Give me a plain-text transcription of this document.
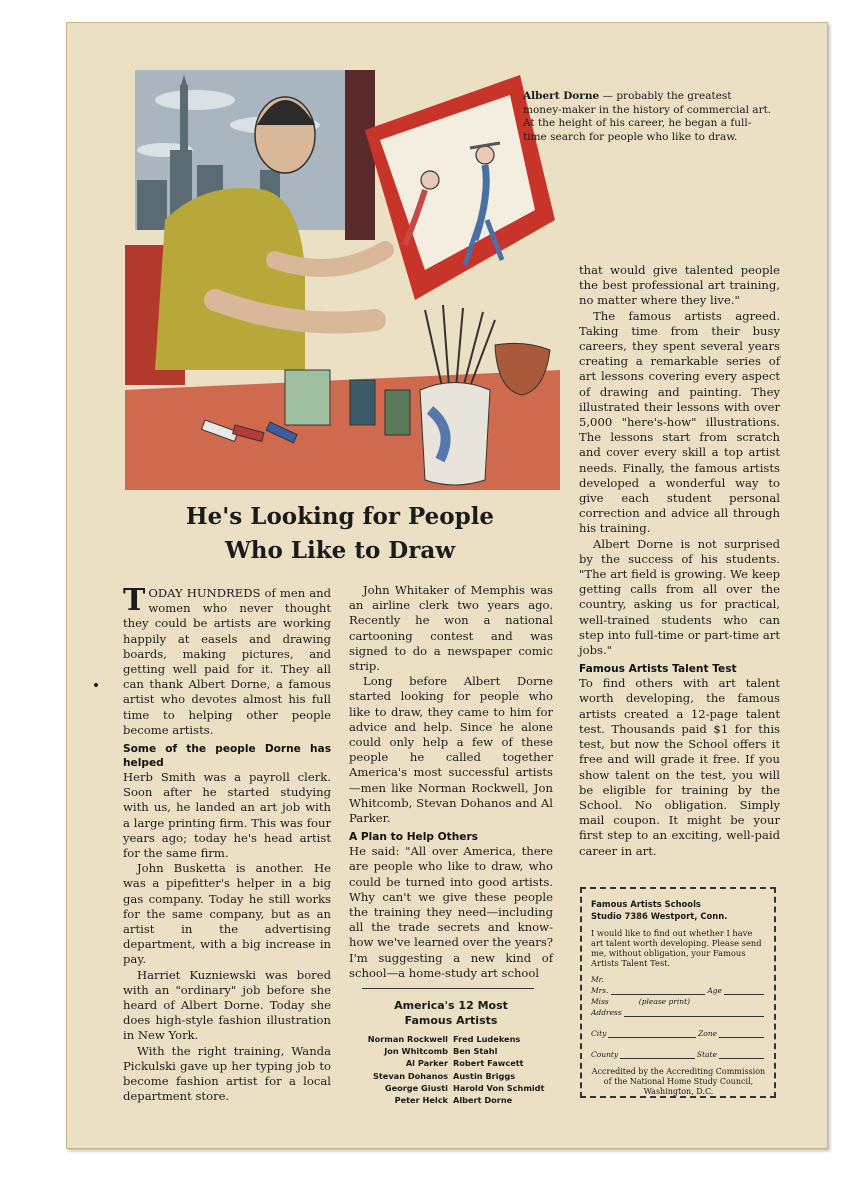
Albert Dorne — probably the greatest money-maker in the history of commercial art. At the height of his career, he began a full-time search for people who like to draw.
He's Looking for People
Who Like to Draw

TODAY HUNDREDS of men and women who never thought they could be artists are working happily at easels and drawing boards, making pictures, and getting well paid for it. They all can thank Albert Dorne, a famous artist who devotes almost his full time to helping other people become artists.

Some of the people Dorne has helped

Herb Smith was a payroll clerk. Soon after he started studying with us, he landed an art job with a large printing firm. This was four years ago; today he's head artist for the same firm.

John Busketta is another. He was a pipefitter's helper in a big gas company. Today he still works for the same company, but as an artist in the advertising department, with a big increase in pay.

Harriet Kuzniewski was bored with an "ordinary" job before she heard of Albert Dorne. Today she does high-style fashion illustration in New York.

With the right training, Wanda Pickulski gave up her typing job to become fashion artist for a local department store.

John Whitaker of Memphis was an airline clerk two years ago. Recently he won a national cartooning contest and was signed to do a newspaper comic strip.

Long before Albert Dorne started looking for people who like to draw, they came to him for advice and help. Since he alone could only help a few of these people he called together America's most successful artists —men like Norman Rockwell, Jon Whitcomb, Stevan Dohanos and Al Parker.

A Plan to Help Others

He said: "All over America, there are people who like to draw, who could be turned into good artists. Why can't we give these people the training they need—including all the trade secrets and know-how we've learned over the years? I'm suggesting a new kind of school—a home-study art school

America's 12 Most
Famous Artists
Norman Rockwell	Fred Ludekens
Jon Whitcomb	Ben Stahl
Al Parker	Robert Fawcett
Stevan Dohanos	Austin Briggs
George Giusti	Harold Von Schmidt
Peter Helck	Albert Dorne

that would give talented people the best professional art training, no matter where they live."

The famous artists agreed. Taking time from their busy careers, they spent several years creating a remarkable series of art lessons covering every aspect of drawing and painting. They illustrated their lessons with over 5,000 "here's-how" illustrations. The lessons start from scratch and cover every skill a top artist needs. Finally, the famous artists developed a wonderful way to give each student personal correction and advice all through his training.

Albert Dorne is not surprised by the success of his students. "The art field is growing. We keep getting calls from all over the country, asking us for practical, well-trained students who can step into full-time or part-time art jobs."

Famous Artists Talent Test

To find others with art talent worth developing, the famous artists created a 12-page talent test. Thousands paid $1 for this test, but now the School offers it free and will grade it free. If you show talent on the test, you will be eligible for training by the School. No obligation. Simply mail coupon. It might be your first step to an exciting, well-paid career in art.

Famous Artists Schools
Studio 7386 Westport, Conn.
I would like to find out whether I have art talent worth developing. Please send me, without obligation, your Famous Artists Talent Test.
Mr.
Mrs.	Age
Miss	(please print)
Address
City	Zone
County	State
Accredited by the Accrediting Commission of the National Home Study Council, Washington, D.C.
